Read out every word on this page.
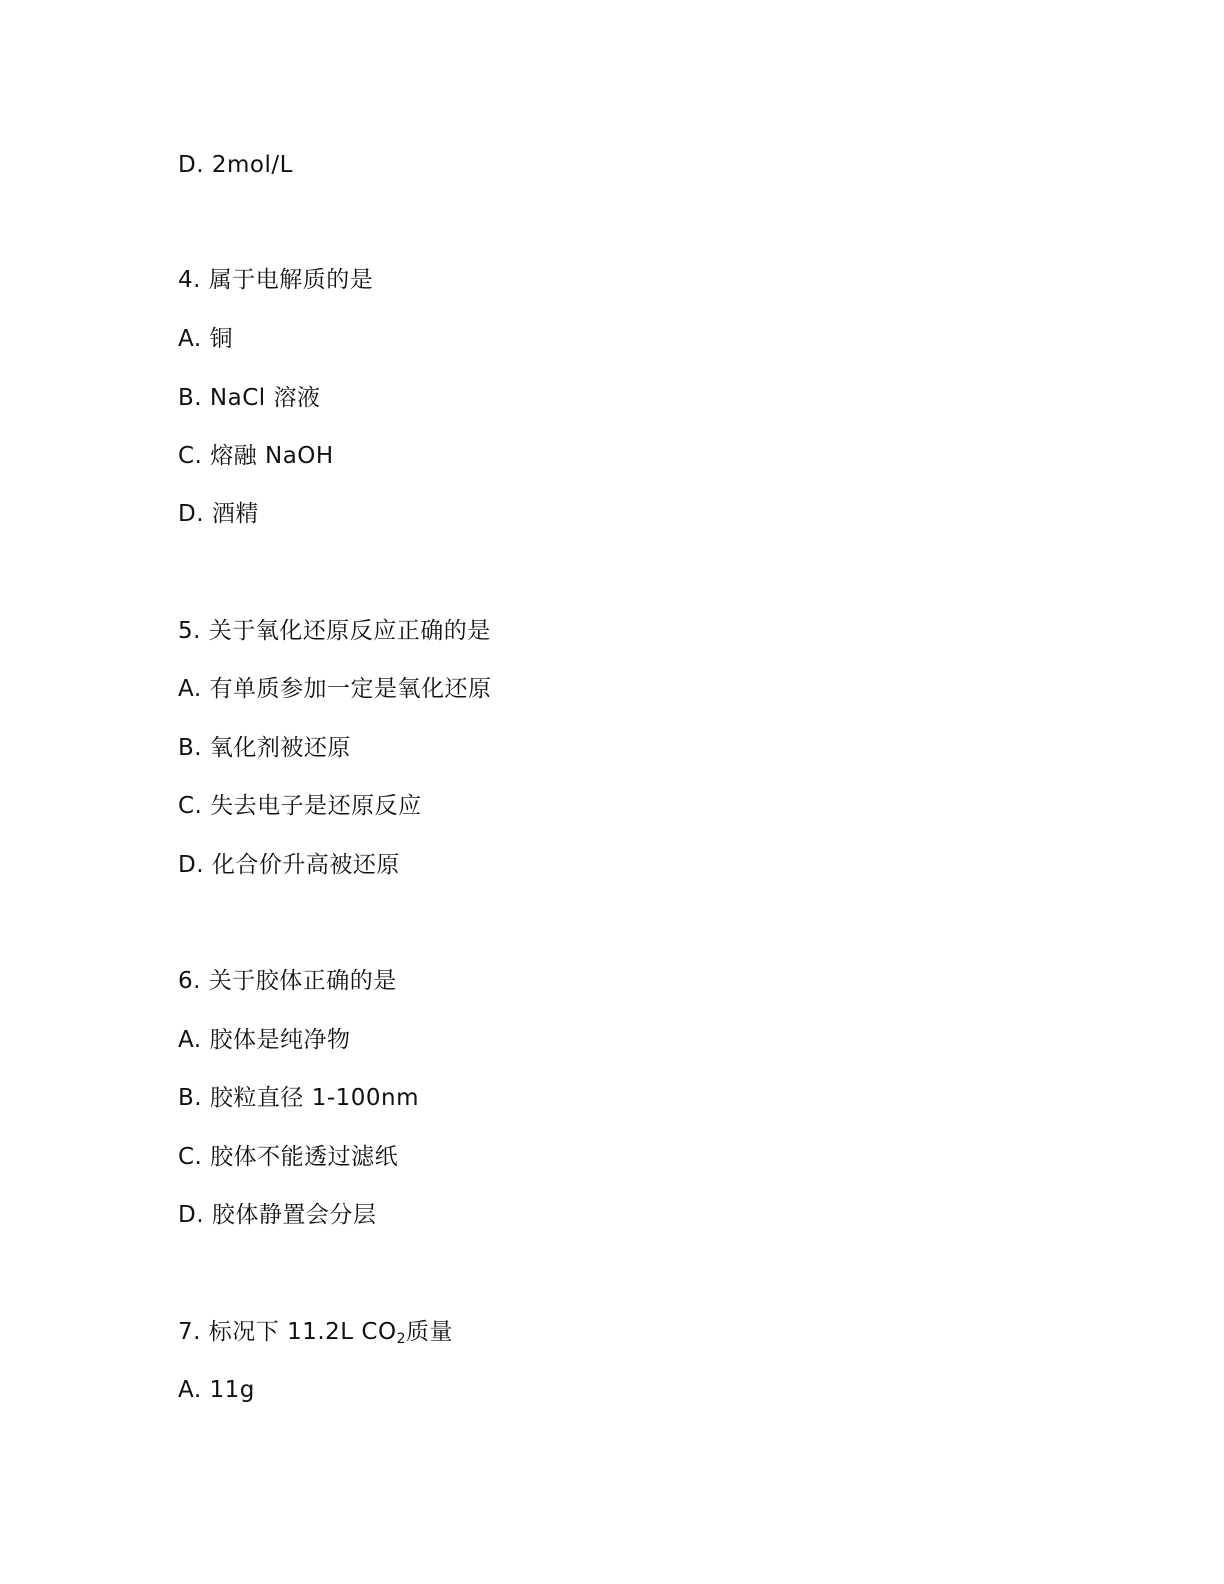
D. 2mol/L
4. 属于电解质的是
A. 铜
B. NaCl 溶液
C. 熔融 NaOH
D. 酒精
5. 关于氧化还原反应正确的是
A. 有单质参加一定是氧化还原
B. 氧化剂被还原
C. 失去电子是还原反应
D. 化合价升高被还原
6. 关于胶体正确的是
A. 胶体是纯净物
B. 胶粒直径 1-100nm
C. 胶体不能透过滤纸
D. 胶体静置会分层
7. 标况下 11.2L $CO_2$质量
A. 11g
